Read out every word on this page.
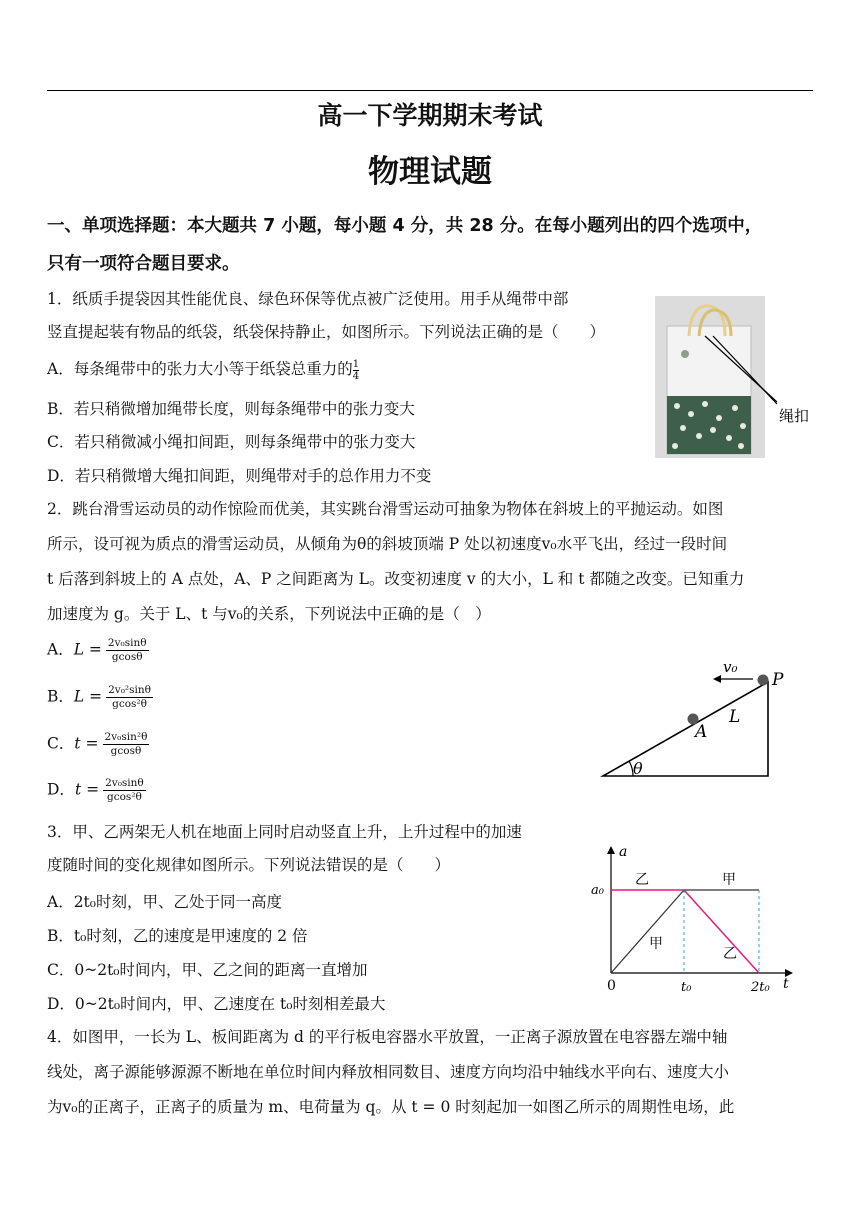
高一下学期期末考试
物理试题
一、单项选择题：本大题共 7 小题，每小题 4 分，共 28 分。在每小题列出的四个选项中，
只有一项符合题目要求。
1．纸质手提袋因其性能优良、绿色环保等优点被广泛使用。用手从绳带中部
竖直提起装有物品的纸袋，纸袋保持静止，如图所示。下列说法正确的是（　　）
A．每条绳带中的张力大小等于纸袋总重力的 $\frac{1}{4}$
B．若只稍微增加绳带长度，则每条绳带中的张力变大
C．若只稍微减小绳扣间距，则每条绳带中的张力变大
D．若只稍微增大绳扣间距，则绳带对手的总作用力不变
绳扣
2．跳台滑雪运动员的动作惊险而优美，其实跳台滑雪运动可抽象为物体在斜坡上的平抛运动。如图
所示，设可视为质点的滑雪运动员，从倾角为θ的斜坡顶端 P 处以初速度v₀水平飞出，经过一段时间
t 后落到斜坡上的 A 点处，A、P 之间距离为 L。改变初速度 v 的大小，L 和 t 都随之改变。已知重力
加速度为 g。关于 L、t 与v₀的关系，下列说法中正确的是（　）
A．$L = \frac{\text{2v₀sinθ}}{gcos\theta}$
B．$L = \frac{\text{2v₀²sinθ}}{\text{gcos²θ}}$
C．$t = \frac{\text{2v₀sin²θ}}{gcos\theta}$
D．$t = \frac{\text{2v₀sinθ}}{\text{gcos²θ}}$
θ
P
A
L
v₀
3．甲、乙两架无人机在地面上同时启动竖直上升，上升过程中的加速
度随时间的变化规律如图所示。下列说法错误的是（　　）
A．2t₀时刻，甲、乙处于同一高度
B．t₀时刻，乙的速度是甲速度的 2 倍
C．0~2t₀时间内，甲、乙之间的距离一直增加
D．0~2t₀时间内，甲、乙速度在 t₀时刻相差最大
a
a₀
乙	甲
甲
乙
0	t₀	2t₀ t
4．如图甲，一长为 L、板间距离为 d 的平行板电容器水平放置，一正离子源放置在电容器左端中轴
线处，离子源能够源源不断地在单位时间内释放相同数目、速度方向均沿中轴线水平向右、速度大小
为v₀的正离子，正离子的质量为 m、电荷量为 q。从 t = 0 时刻起加一如图乙所示的周期性电场，此
